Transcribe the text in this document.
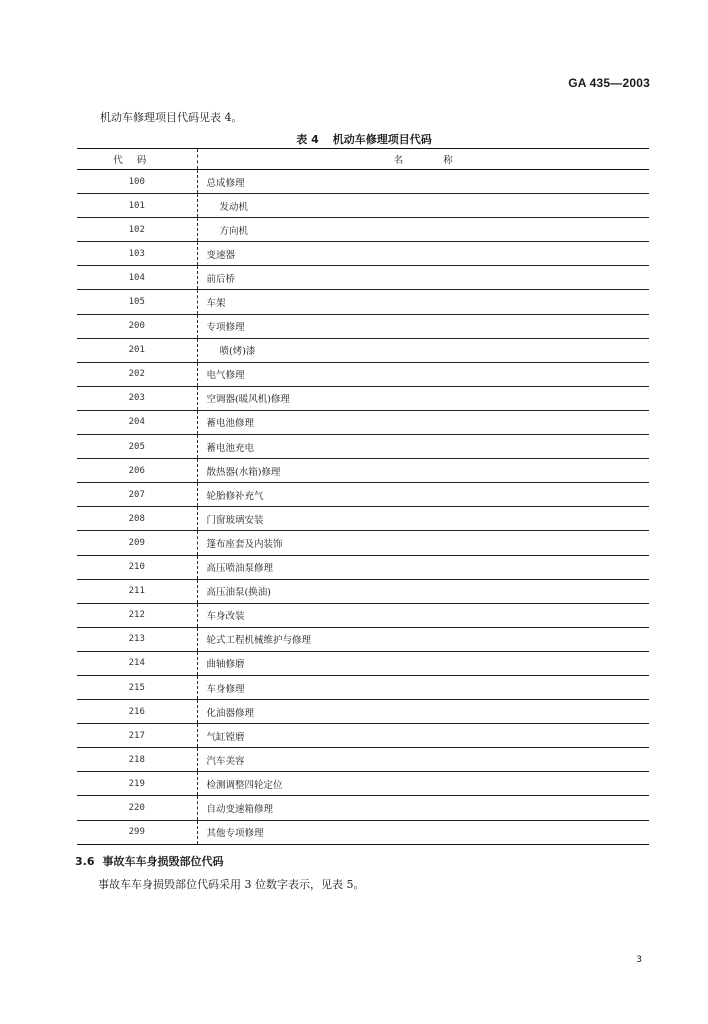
GA 435—2003
机动车修理项目代码见表 4。
表 4 机动车修理项目代码
代码	名称
100	总成修理
101	发动机
102	方向机
103	变速器
104	前后桥
105	车架
200	专项修理
201	喷(烤)漆
202	电气修理
203	空调器(暖风机)修理
204	蓄电池修理
205	蓄电池充电
206	散热器(水箱)修理
207	轮胎修补充气
208	门窗玻璃安装
209	篷布座套及内装饰
210	高压喷油泵修理
211	高压油泵(换油)
212	车身改装
213	轮式工程机械维护与修理
214	曲轴修磨
215	车身修理
216	化油器修理
217	气缸镗磨
218	汽车美容
219	检测调整四轮定位
220	自动变速箱修理
299	其他专项修理
3.6 事故车车身损毁部位代码
事故车车身损毁部位代码采用 3 位数字表示，见表 5。
3
